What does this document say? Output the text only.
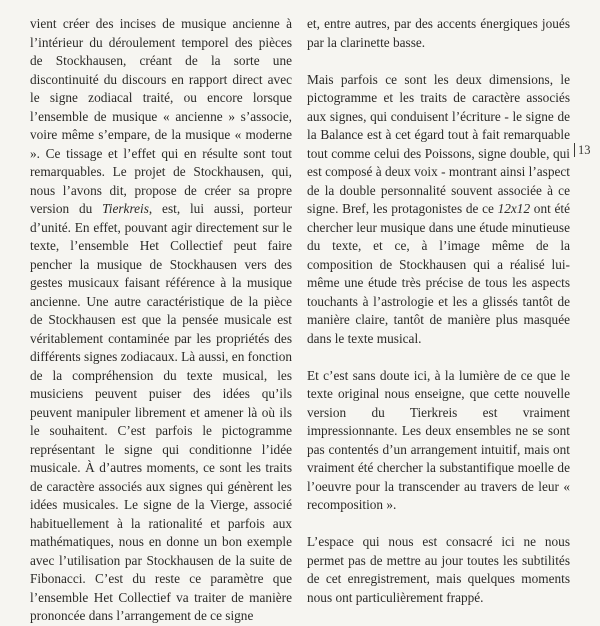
vient créer des incises de musique ancienne à l’intérieur du déroulement temporel des pièces de Stockhausen, créant de la sorte une discontinuité du discours en rapport direct avec le signe zodiacal traité, ou encore lorsque l’ensemble de musique « ancienne » s’associe, voire même s’empare, de la musique « moderne ». Ce tissage et l’effet qui en résulte sont tout remarquables. Le projet de Stockhausen, qui, nous l’avons dit, propose de créer sa propre version du Tierkreis, est, lui aussi, porteur d’unité. En effet, pouvant agir directement sur le texte, l’ensemble Het Collectief peut faire pencher la musique de Stockhausen vers des gestes musicaux faisant référence à la musique ancienne. Une autre caractéristique de la pièce de Stockhausen est que la pensée musicale est véritablement contaminée par les propriétés des différents signes zodiacaux. Là aussi, en fonction de la compréhension du texte musical, les musiciens peuvent puiser des idées qu’ils peuvent manipuler librement et amener là où ils le souhaitent. C’est parfois le pictogramme représentant le signe qui conditionne l’idée musicale. À d’autres moments, ce sont les traits de caractère associés aux signes qui génèrent les idées musicales. Le signe de la Vierge, associé habituellement à la rationalité et parfois aux mathématiques, nous en donne un bon exemple avec l’utilisation par Stockhausen de la suite de Fibonacci. C’est du reste ce paramètre que l’ensemble Het Collectief va traiter de manière prononcée dans l’arrangement de ce signe

et, entre autres, par des accents énergiques joués par la clarinette basse.

Mais parfois ce sont les deux dimensions, le pictogramme et les traits de caractère associés aux signes, qui conduisent l’écriture - le signe de la Balance est à cet égard tout à fait remarquable tout comme celui des Poissons, signe double, qui est composé à deux voix - montrant ainsi l’aspect de la double personnalité souvent associée à ce signe. Bref, les protagonistes de ce 12x12 ont été chercher leur musique dans une étude minutieuse du texte, et ce, à l’image même de la composition de Stockhausen qui a réalisé lui-même une étude très précise de tous les aspects touchants à l’astrologie et les a glissés tantôt de manière claire, tantôt de manière plus masquée dans le texte musical.

Et c’est sans doute ici, à la lumière de ce que le texte original nous enseigne, que cette nouvelle version du Tierkreis est vraiment impressionnante. Les deux ensembles ne se sont pas contentés d’un arrangement intuitif, mais ont vraiment été chercher la substantifique moelle de l’oeuvre pour la transcender au travers de leur « recomposition ».

L’espace qui nous est consacré ici ne nous permet pas de mettre au jour toutes les subtilités de cet enregistrement, mais quelques moments nous ont particulièrement frappé.

13
